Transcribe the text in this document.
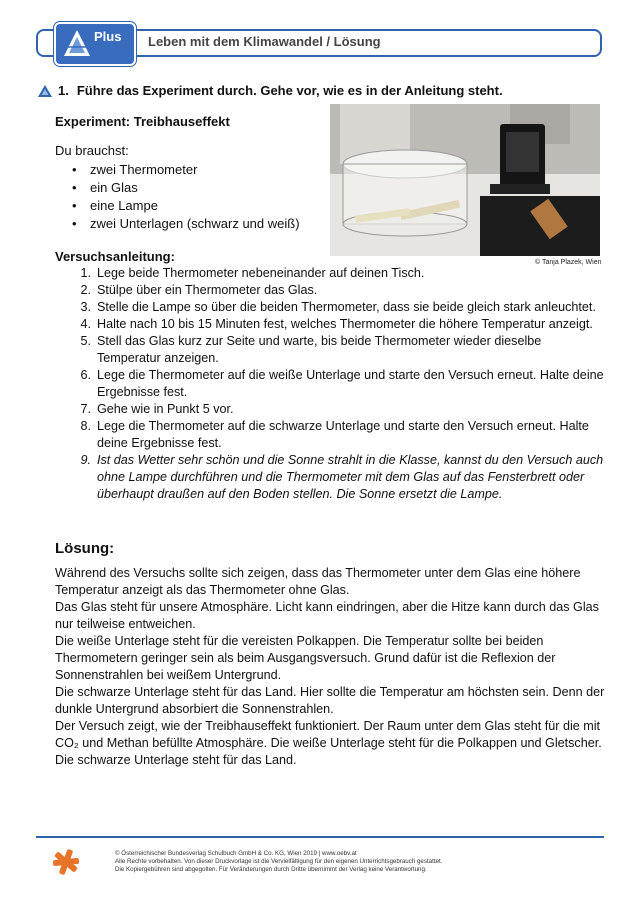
Plus Leben mit dem Klimawandel / Lösung
1. Führe das Experiment durch. Gehe vor, wie es in der Anleitung steht.
Experiment: Treibhauseffekt
Du brauchst:
• zwei Thermometer
• ein Glas
• eine Lampe
• zwei Unterlagen (schwarz und weiß)
© Tanja Plazek, Wien
Versuchsanleitung:
1. Lege beide Thermometer nebeneinander auf deinen Tisch.
2. Stülpe über ein Thermometer das Glas.
3. Stelle die Lampe so über die beiden Thermometer, dass sie beide gleich stark anleuchtet.
4. Halte nach 10 bis 15 Minuten fest, welches Thermometer die höhere Temperatur anzeigt.
5. Stell das Glas kurz zur Seite und warte, bis beide Thermometer wieder dieselbe Temperatur anzeigen.
6. Lege die Thermometer auf die weiße Unterlage und starte den Versuch erneut. Halte deine Ergebnisse fest.
7. Gehe wie in Punkt 5 vor.
8. Lege die Thermometer auf die schwarze Unterlage und starte den Versuch erneut. Halte deine Ergebnisse fest.
9. Ist das Wetter sehr schön und die Sonne strahlt in die Klasse, kannst du den Versuch auch ohne Lampe durchführen und die Thermometer mit dem Glas auf das Fensterbrett oder überhaupt draußen auf den Boden stellen. Die Sonne ersetzt die Lampe.
Lösung:

Während des Versuchs sollte sich zeigen, dass das Thermometer unter dem Glas eine höhere Temperatur anzeigt als das Thermometer ohne Glas.

Das Glas steht für unsere Atmosphäre. Licht kann eindringen, aber die Hitze kann durch das Glas nur teilweise entweichen.

Die weiße Unterlage steht für die vereisten Polkappen. Die Temperatur sollte bei beiden Thermometern geringer sein als beim Ausgangsversuch. Grund dafür ist die Reflexion der Sonnenstrahlen bei weißem Untergrund.

Die schwarze Unterlage steht für das Land. Hier sollte die Temperatur am höchsten sein. Denn der dunkle Untergrund absorbiert die Sonnenstrahlen.

Der Versuch zeigt, wie der Treibhauseffekt funktioniert. Der Raum unter dem Glas steht für die mit CO₂ und Methan befüllte Atmosphäre. Die weiße Unterlage steht für die Polkappen und Gletscher. Die schwarze Unterlage steht für das Land.

© Österreichischer Bundesverlag Schulbuch GmbH & Co. KG, Wien 2019 | www.oebv.at
Alle Rechte vorbehalten. Von dieser Druckvorlage ist die Vervielfältigung für den eigenen Unterrichtsgebrauch gestattet.
Die Kopiergebühren sind abgegolten. Für Veränderungen durch Dritte übernimmt der Verlag keine Verantwortung.
